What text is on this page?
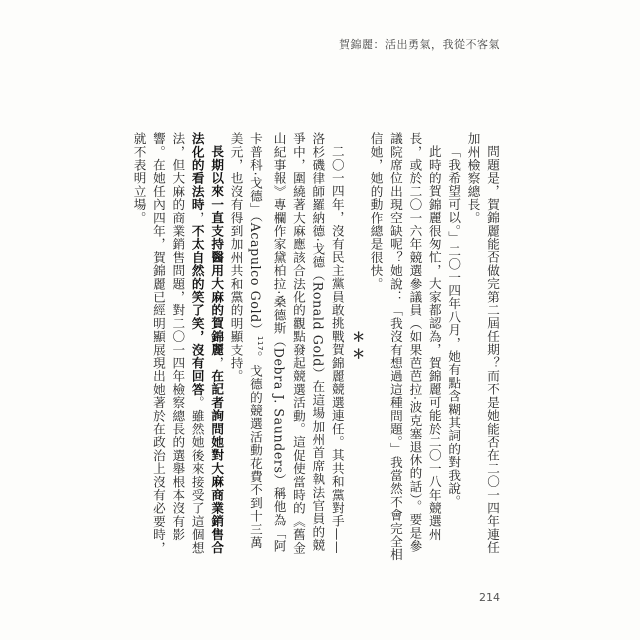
賀錦麗：活出勇氣，我從不客氣

問題是，賀錦麗能否做完第二屆任期？而不是她能否在二〇一四年連任加州檢察總長。

「我希望可以。」二〇一四年八月，她有點含糊其詞的對我說。

此時的賀錦麗很匆忙，大家都認為，賀錦麗可能於二〇一八年競選州長，或於二〇一六年競選參議員（如果芭芭拉‧波克塞退休的話）。要是參議院席位出現空缺呢？她說：「我沒有想過這種問題。」我當然不會完全相信她，她的動作總是很快。

＊＊

二〇一四年，沒有民主黨員敢挑戰賀錦麗競選連任。其共和黨對手——洛杉磯律師羅納德‧戈德（Ronald Gold）在這場加州首席執法官員的競爭中，圍繞著大麻應該合法化的觀點發起競選活動。這促使當時的《舊金山紀事報》專欄作家黛柏拉‧桑德斯（Debra J. Saunders）稱他為「阿卡普科‧戈德」（Acapulco Gold）$^{117}$。戈德的競選活動花費不到十三萬美元，也沒有得到加州共和黨的明顯支持。

長期以來一直支持醫用大麻的賀錦麗，在記者詢問她對大麻商業銷售合法化的看法時，不太自然的笑了笑，沒有回答。雖然她後來接受了這個想法，但大麻的商業銷售問題，對二〇一四年檢察總長的選舉根本沒有影響。在她任內四年，賀錦麗已經明顯展現出她著於在政治上沒有必要時，就不表明立場。

214
